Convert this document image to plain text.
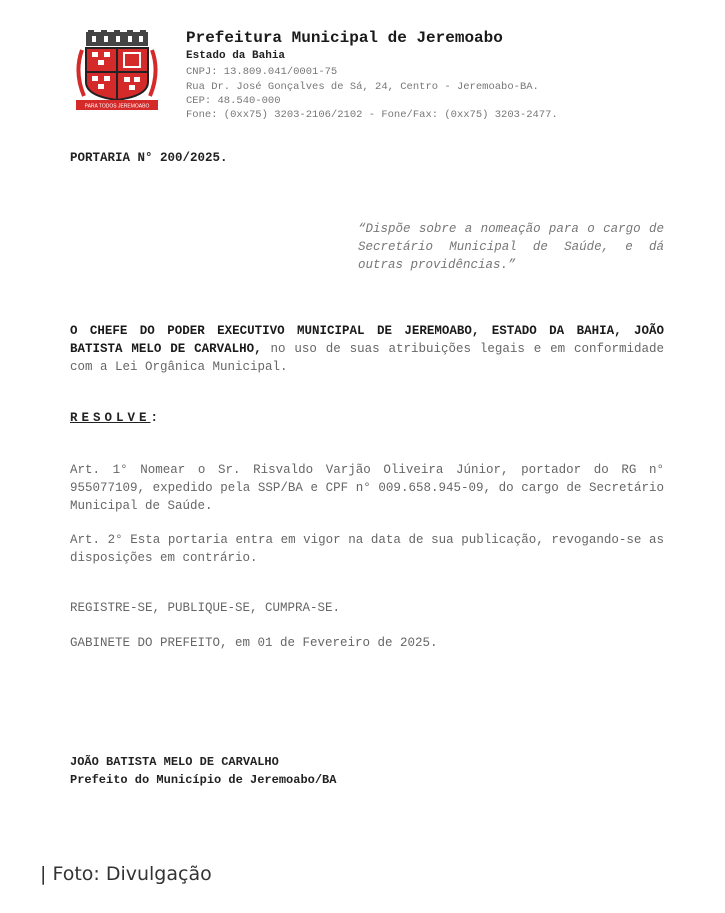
PARA TODOS JEREMOABO
Prefeitura Municipal de Jeremoabo
Estado da Bahia
CNPJ: 13.809.041/0001-75
Rua Dr. José Gonçalves de Sá, 24, Centro - Jeremoabo-BA.
CEP: 48.540-000
Fone: (0xx75) 3203-2106/2102 - Fone/Fax: (0xx75) 3203-2477.
PORTARIA N° 200/2025.
“Dispõe sobre a nomeação para o cargo de Secretário Municipal de Saúde, e dá outras providências.”
O CHEFE DO PODER EXECUTIVO MUNICIPAL DE JEREMOABO, ESTADO DA BAHIA, JOÃO BATISTA MELO DE CARVALHO, no uso de suas atribuições legais e em conformidade com a Lei Orgânica Municipal.
RESOLVE:
Art. 1° Nomear o Sr. Risvaldo Varjão Oliveira Júnior, portador do RG n° 955077109, expedido pela SSP/BA e CPF n° 009.658.945-09, do cargo de Secretário Municipal de Saúde.
Art. 2° Esta portaria entra em vigor na data de sua publicação, revogando-se as disposições em contrário.
REGISTRE-SE, PUBLIQUE-SE, CUMPRA-SE.
GABINETE DO PREFEITO, em 01 de Fevereiro de 2025.
JOÃO BATISTA MELO DE CARVALHO
Prefeito do Município de Jeremoabo/BA
| Foto: Divulgação
